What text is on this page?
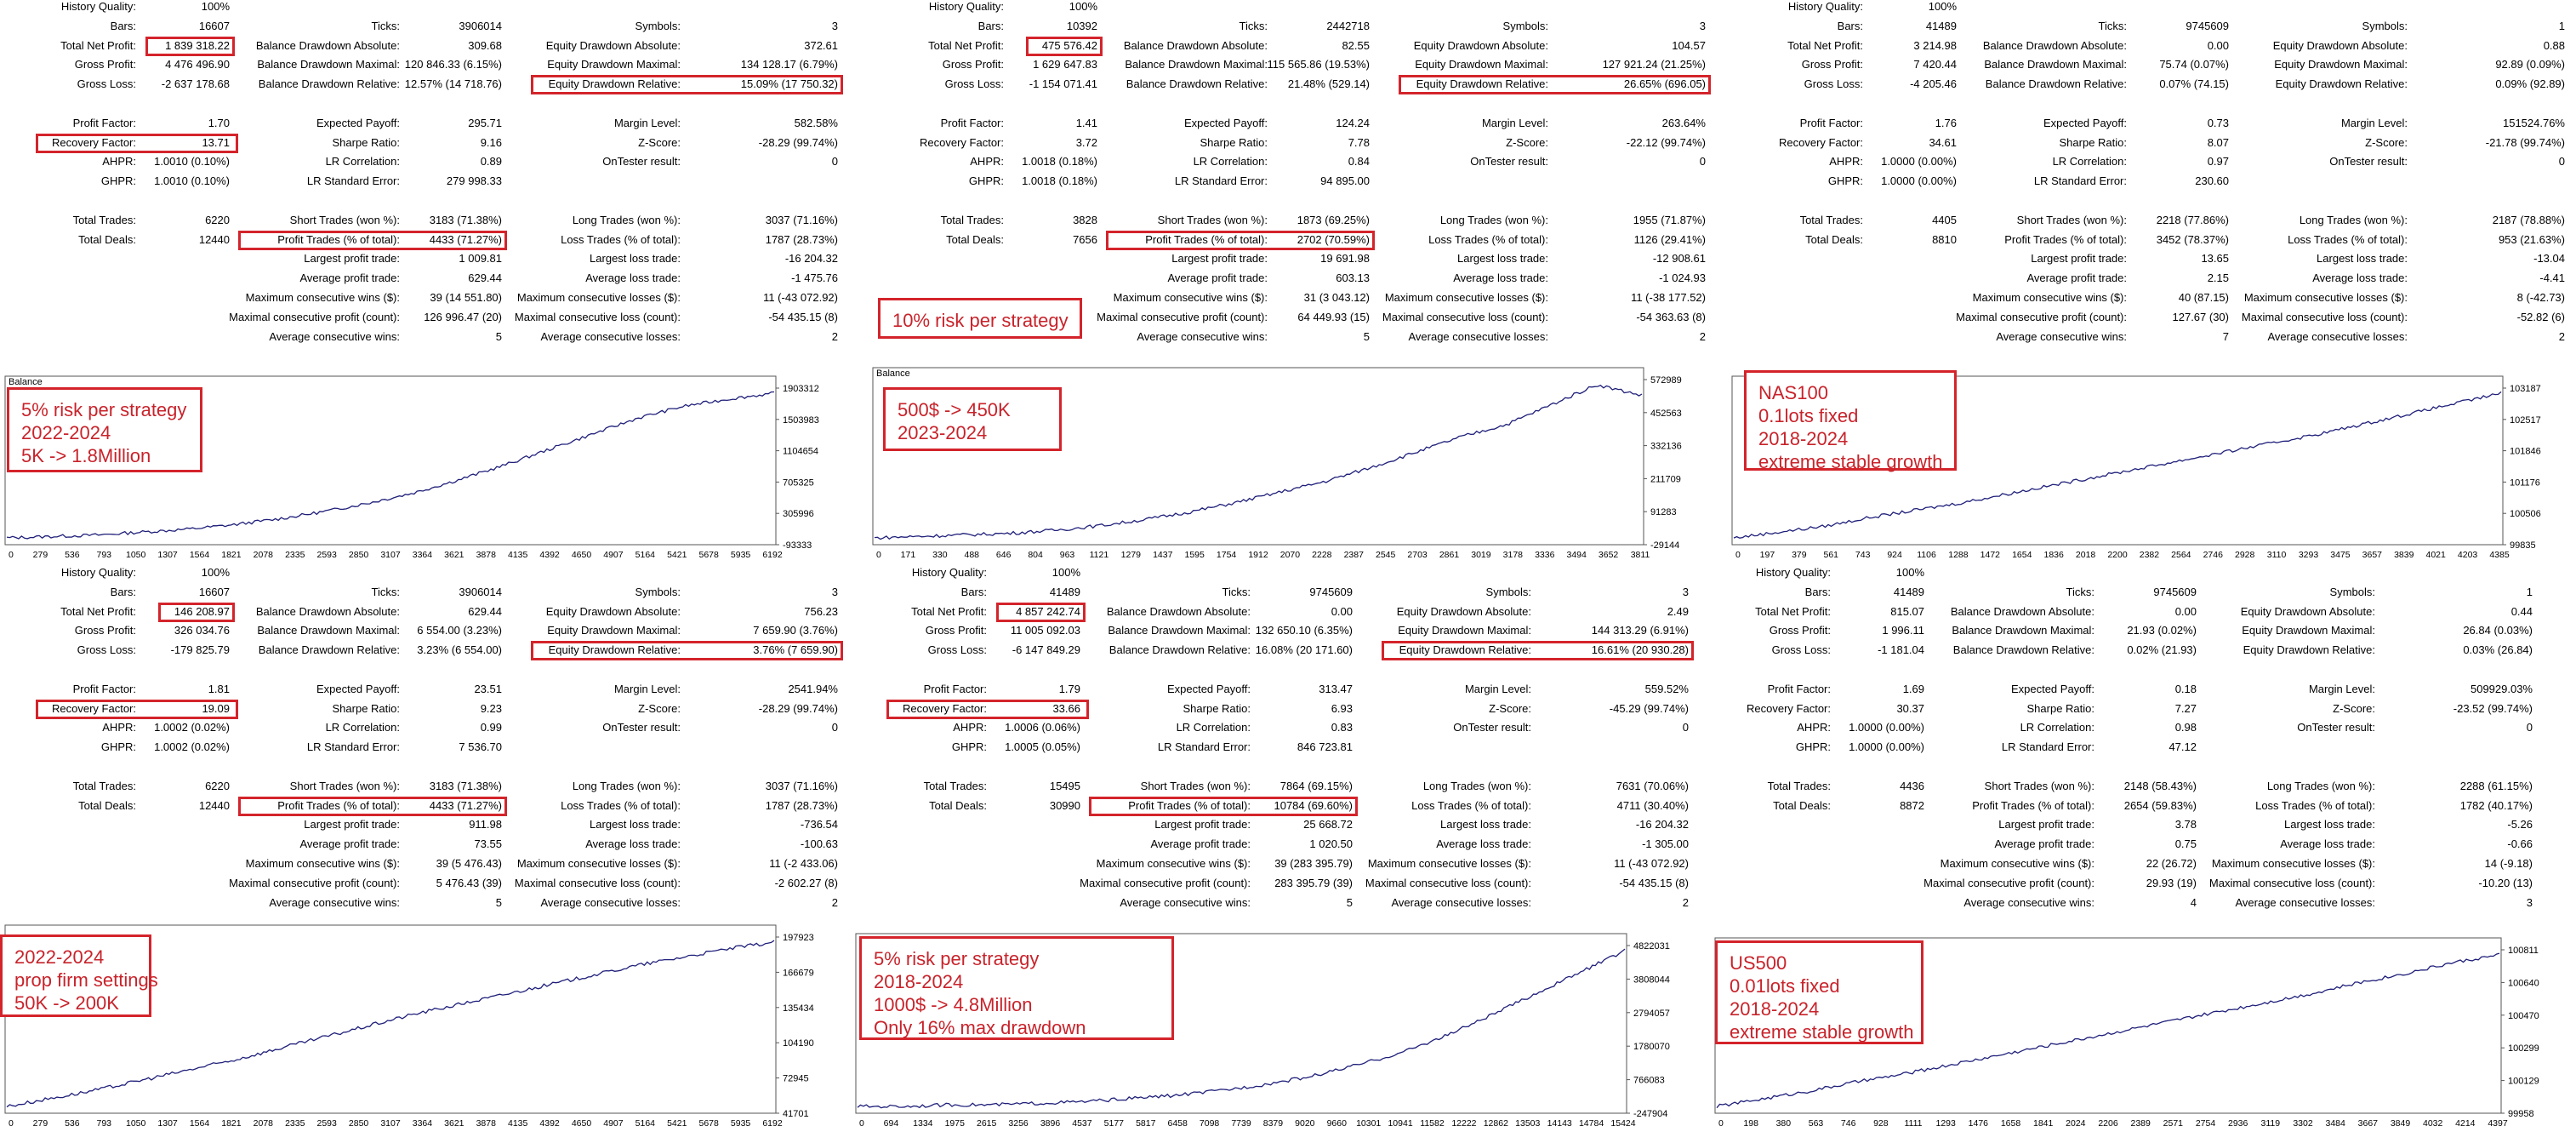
History Quality:	100%
Bars:	16607	Ticks:	3906014	Symbols:	3
Total Net Profit:	1 839 318.22 Balance Drawdown Absolute:	309.68	Equity Drawdown Absolute:	372.61
Gross Profit:	4 476 496.90 Balance Drawdown Maximal: 120 846.33 (6.15%)	Equity Drawdown Maximal:	134 128.17 (6.79%)
Gross Loss: -2 637 178.68	Balance Drawdown Relative: 12.57% (14 718.76)	Equity Drawdown Relative:	15.09% (17 750.32)
Profit Factor:	1.70	Expected Payoff:	295.71	Margin Level:	582.58%
Recovery Factor:	13.71	Sharpe Ratio:	9.16	Z-Score:	-28.29 (99.74%)
AHPR: 1.0010 (0.10%)	LR Correlation:	0.89	OnTester result:	0
GHPR: 1.0010 (0.10%)	LR Standard Error:	279 998.33
Total Trades:	6220	Short Trades (won %):	3183 (71.38%)	Long Trades (won %):	3037 (71.16%)
Total Deals:	12440	Profit Trades (% of total):	4433 (71.27%)	Loss Trades (% of total):	1787 (28.73%)
Largest profit trade:	1 009.81	Largest loss trade:	-16 204.32
Average profit trade:	629.44	Average loss trade:	-1 475.76
Maximum consecutive wins ($):	39 (14 551.80) Maximum consecutive losses ($):	11 (-43 072.92)
Maximal consecutive profit (count): 126 996.47 (20) Maximal consecutive loss (count):	-54 435.15 (8)
Average consecutive wins:	5	Average consecutive losses:	2
Balance
1903312
1503983
1104654
705325
305996
-93333
0 279 536 793 1050 1307 1564 1821 2078 2335 2593 2850 3107 3364 3621 3878 4135 4392 4650 4907 5164 5421 5678 5935 6192
5% risk per strategy
2022-2024
5K -> 1.8Million
History Quality:	100%
Bars:	10392	Ticks:	2442718	Symbols:	3
Total Net Profit:	475 576.42 Balance Drawdown Absolute:	82.55	Equity Drawdown Absolute:	104.57
Gross Profit:	1 629 647.83 Balance Drawdown Maximal: 115 565.86 (19.53%)	Equity Drawdown Maximal:	127 921.24 (21.25%)
Gross Loss: -1 154 071.41	Balance Drawdown Relative: 21.48% (529.14)	Equity Drawdown Relative:	26.65% (696.05)
Profit Factor:	1.41	Expected Payoff:	124.24	Margin Level:	263.64%
Recovery Factor:	3.72	Sharpe Ratio:	7.78	Z-Score:	-22.12 (99.74%)
AHPR: 1.0018 (0.18%)	LR Correlation:	0.84	OnTester result:	0
GHPR: 1.0018 (0.18%)	LR Standard Error:	94 895.00
Total Trades:	3828	Short Trades (won %):	1873 (69.25%)	Long Trades (won %):	1955 (71.87%)
Total Deals:	7656	Profit Trades (% of total):	2702 (70.59%)	Loss Trades (% of total):	1126 (29.41%)
Largest profit trade:	19 691.98	Largest loss trade:	-12 908.61
Average profit trade:	603.13	Average loss trade:	-1 024.93
Maximum consecutive wins ($):	31 (3 043.12) Maximum consecutive losses ($):	11 (-38 177.52)
Maximal consecutive profit (count):	64 449.93 (15) Maximal consecutive loss (count):	-54 363.63 (8)
Average consecutive wins:	5	Average consecutive losses:	2
Balance
572989
452563
332136
211709
91283
-29144
0 171 330 488 646 804 963 1121 1279 1437 1595 1754 1912 2070 2228 2387 2545 2703 2861 3019 3178 3336 3494 3652 3811
500$ -> 450K
2023-2024
10% risk per strategy
History Quality:	100%
Bars:	41489	Ticks:	9745609	Symbols:	1
Total Net Profit:	3 214.98 Balance Drawdown Absolute:	0.00	Equity Drawdown Absolute:	0.88
Gross Profit:	7 420.44 Balance Drawdown Maximal:	75.74 (0.07%)	Equity Drawdown Maximal:	92.89 (0.09%)
Gross Loss:	-4 205.46	Balance Drawdown Relative:	0.07% (74.15)	Equity Drawdown Relative:	0.09% (92.89)
Profit Factor:	1.76	Expected Payoff:	0.73	Margin Level:	151524.76%
Recovery Factor:	34.61	Sharpe Ratio:	8.07	Z-Score:	-21.78 (99.74%)
AHPR: 1.0000 (0.00%)	LR Correlation:	0.97	OnTester result:	0
GHPR: 1.0000 (0.00%)	LR Standard Error:	230.60
Total Trades:	4405	Short Trades (won %):	2218 (77.86%)	Long Trades (won %):	2187 (78.88%)
Total Deals:	8810	Profit Trades (% of total):	3452 (78.37%)	Loss Trades (% of total):	953 (21.63%)
Largest profit trade:	13.65	Largest loss trade:	-13.04
Average profit trade:	2.15	Average loss trade:	-4.41
Maximum consecutive wins ($):	40 (87.15) Maximum consecutive losses ($):	8 (-42.73)
Maximal consecutive profit (count):	127.67 (30) Maximal consecutive loss (count):	-52.82 (6)
Average consecutive wins:	7	Average consecutive losses:	2
103187
102517
101846
101176
100506
99835
0 197 379 561 743 924 1106 1288 1472 1654 1836 2018 2200 2382 2564 2746 2928 3110 3293 3475 3657 3839 4021 4203 4385
NAS100
0.1lots fixed
2018-2024
extreme stable growth
History Quality:	100%
Bars:	16607	Ticks:	3906014	Symbols:	3
Total Net Profit:	146 208.97 Balance Drawdown Absolute:	629.44	Equity Drawdown Absolute:	756.23
Gross Profit:	326 034.76 Balance Drawdown Maximal: 6 554.00 (3.23%)	Equity Drawdown Maximal:	7 659.90 (3.76%)
Gross Loss:	-179 825.79	Balance Drawdown Relative: 3.23% (6 554.00)	Equity Drawdown Relative:	3.76% (7 659.90)
Profit Factor:	1.81	Expected Payoff:	23.51	Margin Level:	2541.94%
Recovery Factor:	19.09	Sharpe Ratio:	9.23	Z-Score:	-28.29 (99.74%)
AHPR: 1.0002 (0.02%)	LR Correlation:	0.99	OnTester result:	0
GHPR: 1.0002 (0.02%)	LR Standard Error:	7 536.70
Total Trades:	6220	Short Trades (won %):	3183 (71.38%)	Long Trades (won %):	3037 (71.16%)
Total Deals:	12440	Profit Trades (% of total):	4433 (71.27%)	Loss Trades (% of total):	1787 (28.73%)
Largest profit trade:	911.98	Largest loss trade:	-736.54
Average profit trade:	73.55	Average loss trade:	-100.63
Maximum consecutive wins ($):	39 (5 476.43) Maximum consecutive losses ($):	11 (-2 433.06)
Maximal consecutive profit (count):	5 476.43 (39) Maximal consecutive loss (count):	-2 602.27 (8)
Average consecutive wins:	5	Average consecutive losses:	2
197923
166679
135434
104190
72945
41701
0 279 536 793 1050 1307 1564 1821 2078 2335 2593 2850 3107 3364 3621 3878 4135 4392 4650 4907 5164 5421 5678 5935 6192
2022-2024
prop firm settings
50K -> 200K
History Quality:	100%
Bars:	41489	Ticks:	9745609	Symbols:	3
Total Net Profit:	4 857 242.74 Balance Drawdown Absolute:	0.00	Equity Drawdown Absolute:	2.49
Gross Profit: 11 005 092.03 Balance Drawdown Maximal: 132 650.10 (6.35%)	Equity Drawdown Maximal:	144 313.29 (6.91%)
Gross Loss: -6 147 849.29	Balance Drawdown Relative: 16.08% (20 171.60)	Equity Drawdown Relative:	16.61% (20 930.28)
Profit Factor:	1.79	Expected Payoff:	313.47	Margin Level:	559.52%
Recovery Factor:	33.66	Sharpe Ratio:	6.93	Z-Score:	-45.29 (99.74%)
AHPR: 1.0006 (0.06%)	LR Correlation:	0.83	OnTester result:	0
GHPR: 1.0005 (0.05%)	LR Standard Error:	846 723.81
Total Trades:	15495	Short Trades (won %):	7864 (69.15%)	Long Trades (won %):	7631 (70.06%)
Total Deals:	30990	Profit Trades (% of total): 10784 (69.60%)	Loss Trades (% of total):	4711 (30.40%)
Largest profit trade:	25 668.72	Largest loss trade:	-16 204.32
Average profit trade:	1 020.50	Average loss trade:	-1 305.00
Maximum consecutive wins ($): 39 (283 395.79) Maximum consecutive losses ($):	11 (-43 072.92)
Maximal consecutive profit (count): 283 395.79 (39) Maximal consecutive loss (count):	-54 435.15 (8)
Average consecutive wins:	5	Average consecutive losses:	2
4822031
3808044
2794057
1780070
766083
-247904
0 694 1334 1975 2615 3256 3896 4537 5177 5817 6458 7098 7739 8379 9020 9660 10301 10941 11582 12222 12862 13503 14143 14784 15424
5% risk per strategy
2018-2024
1000$ -> 4.8Million
Only 16% max drawdown
History Quality:	100%
Bars:	41489	Ticks:	9745609	Symbols:	1
Total Net Profit:	815.07 Balance Drawdown Absolute:	0.00	Equity Drawdown Absolute:	0.44
Gross Profit:	1 996.11 Balance Drawdown Maximal:	21.93 (0.02%)	Equity Drawdown Maximal:	26.84 (0.03%)
Gross Loss:	-1 181.04	Balance Drawdown Relative:	0.02% (21.93)	Equity Drawdown Relative:	0.03% (26.84)
Profit Factor:	1.69	Expected Payoff:	0.18	Margin Level:	509929.03%
Recovery Factor:	30.37	Sharpe Ratio:	7.27	Z-Score:	-23.52 (99.74%)
AHPR: 1.0000 (0.00%)	LR Correlation:	0.98	OnTester result:	0
GHPR: 1.0000 (0.00%)	LR Standard Error:	47.12
Total Trades:	4436	Short Trades (won %):	2148 (58.43%)	Long Trades (won %):	2288 (61.15%)
Total Deals:	8872	Profit Trades (% of total):	2654 (59.83%)	Loss Trades (% of total):	1782 (40.17%)
Largest profit trade:	3.78	Largest loss trade:	-5.26
Average profit trade:	0.75	Average loss trade:	-0.66
Maximum consecutive wins ($):	22 (26.72) Maximum consecutive losses ($):	14 (-9.18)
Maximal consecutive profit (count):	29.93 (19) Maximal consecutive loss (count):	-10.20 (13)
Average consecutive wins:	4	Average consecutive losses:	3
100811
100640
100470
100299
100129
99958
0 198 380 563 746 928 1111 1293 1476 1658 1841 2024 2206 2389 2571 2754 2936 3119 3302 3484 3667 3849 4032 4214 4397
US500
0.01lots fixed
2018-2024
extreme stable growth
